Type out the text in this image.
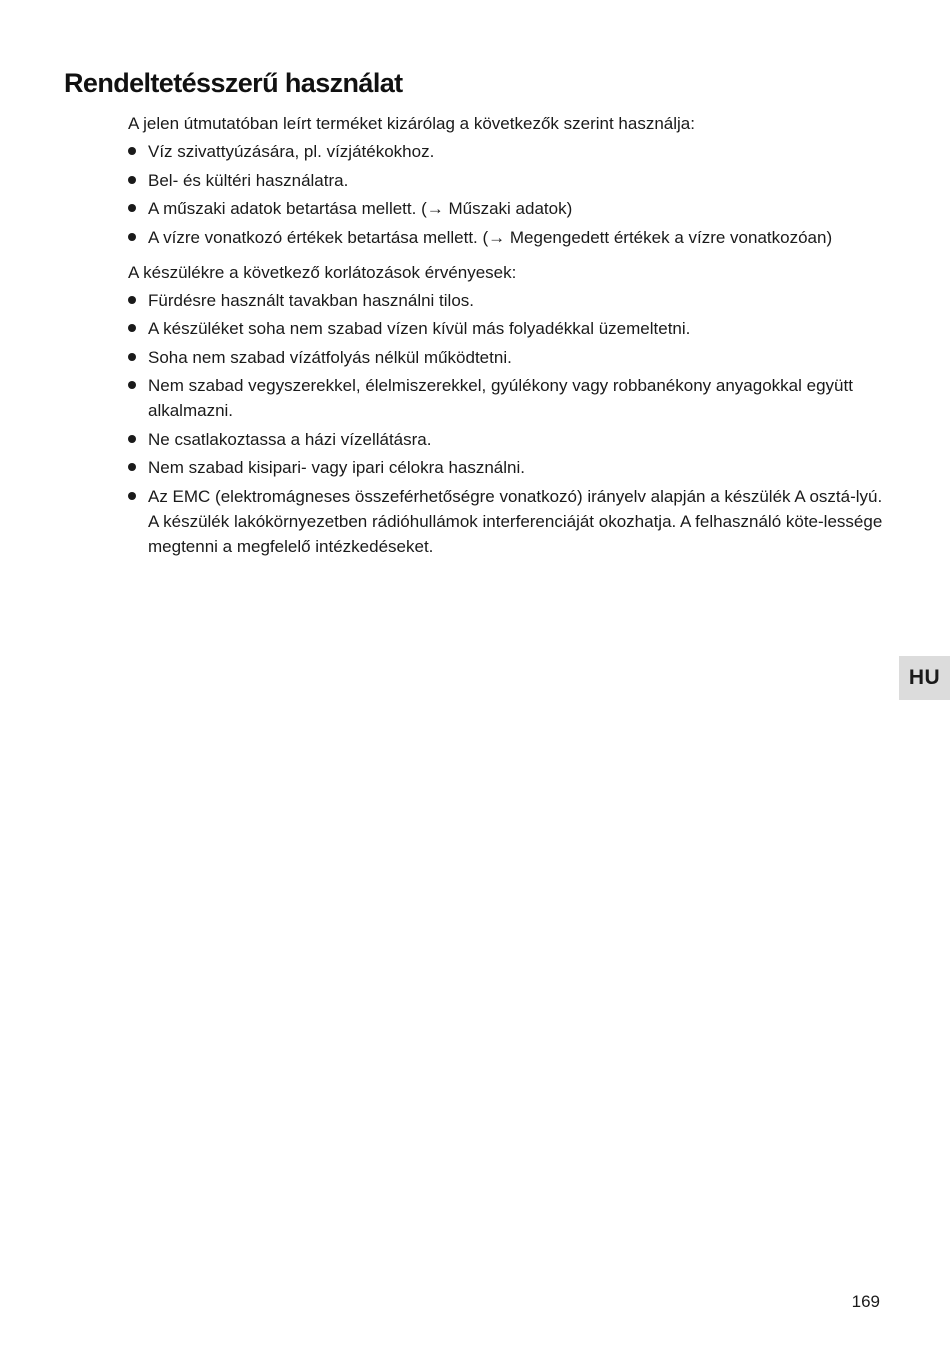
Rendeltetésszerű használat

A jelen útmutatóban leírt terméket kizárólag a következők szerint használja:

Víz szivattyúzására, pl. vízjátékokhoz.
Bel- és kültéri használatra.
A műszaki adatok betartása mellett. (→ Műszaki adatok)
A vízre vonatkozó értékek betartása mellett. (→ Megengedett értékek a vízre vonatkozóan)

A készülékre a következő korlátozások érvényesek:

Fürdésre használt tavakban használni tilos.
A készüléket soha nem szabad vízen kívül más folyadékkal üzemeltetni.
Soha nem szabad vízátfolyás nélkül működtetni.
Nem szabad vegyszerekkel, élelmiszerekkel, gyúlékony vagy robbanékony anyagokkal együtt alkalmazni.
Ne csatlakoztassa a házi vízellátásra.
Nem szabad kisipari- vagy ipari célokra használni.
Az EMC (elektromágneses összeférhetőségre vonatkozó) irányelv alapján a készülék A osztá-lyú. A készülék lakókörnyezetben rádióhullámok interferenciáját okozhatja. A felhasználó köte-lessége megtenni a megfelelő intézkedéseket.
HU
169
